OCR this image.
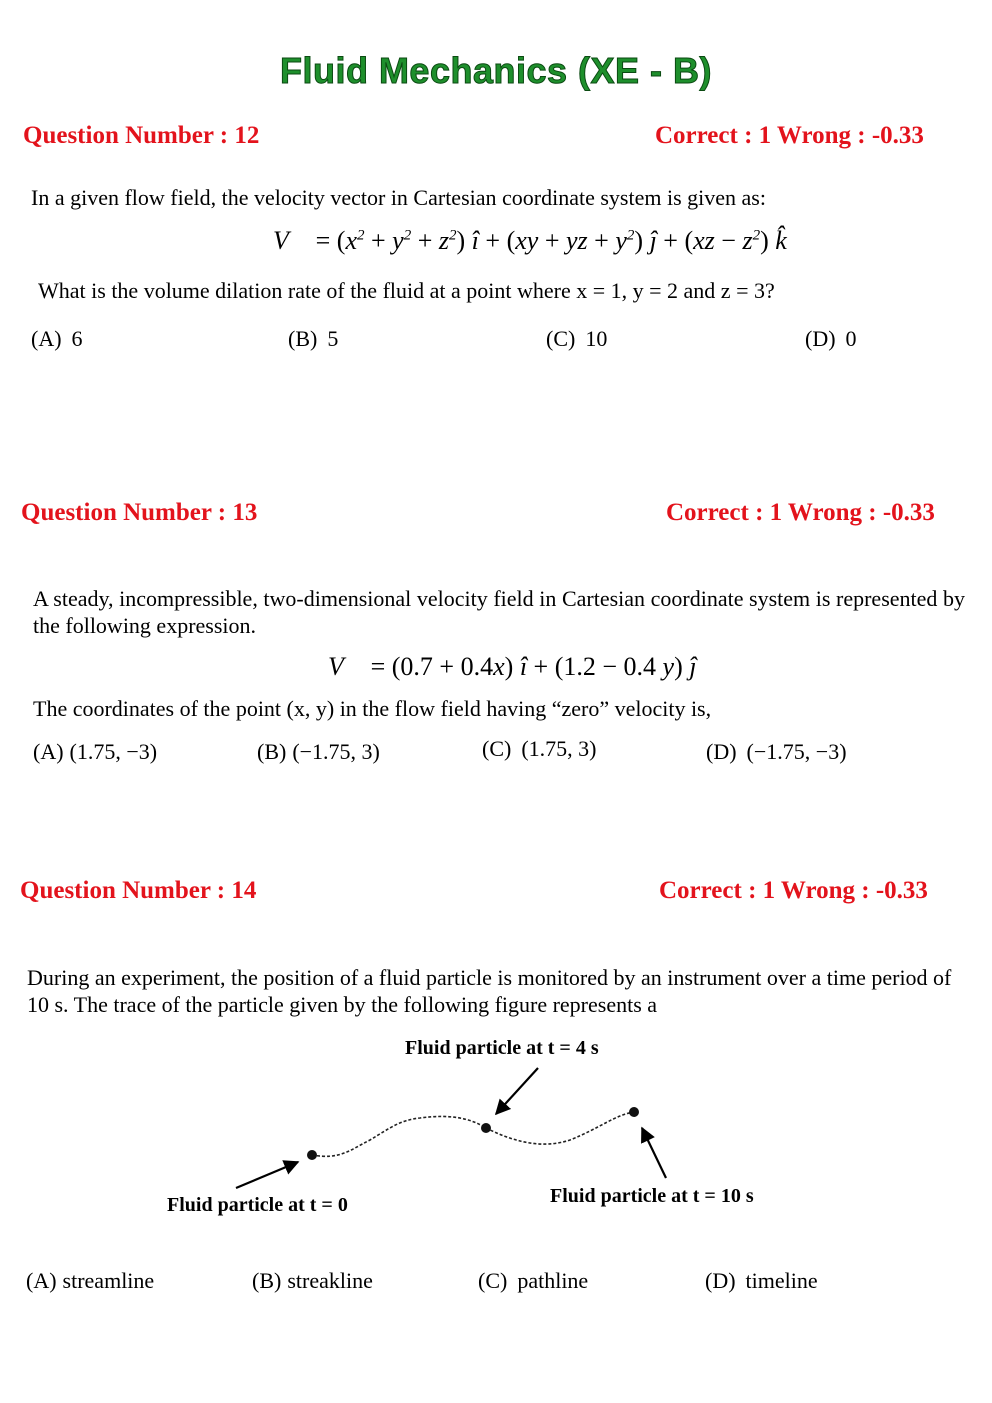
Fluid Mechanics (XE - B)
Question Number : 12	Correct : 1 Wrong : -0.33
In a given flow field, the velocity vector in Cartesian coordinate system is given as:
V⃗ = $(x^2 + y^2 + z^2)$ î + (xy + yz + $y^2$) ĵ + $(xz - z^2)$ k̂
What is the volume dilation rate of the fluid at a point where x = 1, y = 2 and z = 3?
(A) 6	(B) 5	(C) 10	(D) 0
Question Number : 13	Correct : 1 Wrong : -0.33
A steady, incompressible, two-dimensional velocity field in Cartesian coordinate system is represented by the following expression.
V⃗ = (0.7 + 0.4x) î + (1.2 − 0.4 y) ĵ
The coordinates of the point (x, y) in the flow field having “zero” velocity is,
(A) (1.75, −3)	(B) (−1.75, 3)	(C) (1.75, 3)	(D) (−1.75, −3)
Question Number : 14	Correct : 1 Wrong : -0.33
During an experiment, the position of a fluid particle is monitored by an instrument over a time period of 10 s. The trace of the particle given by the following figure represents a
Fluid particle at t = 4 s
Fluid particle at t = 0	Fluid particle at t = 10 s
(A) streamline	(B) streakline	(C) pathline	(D) timeline
